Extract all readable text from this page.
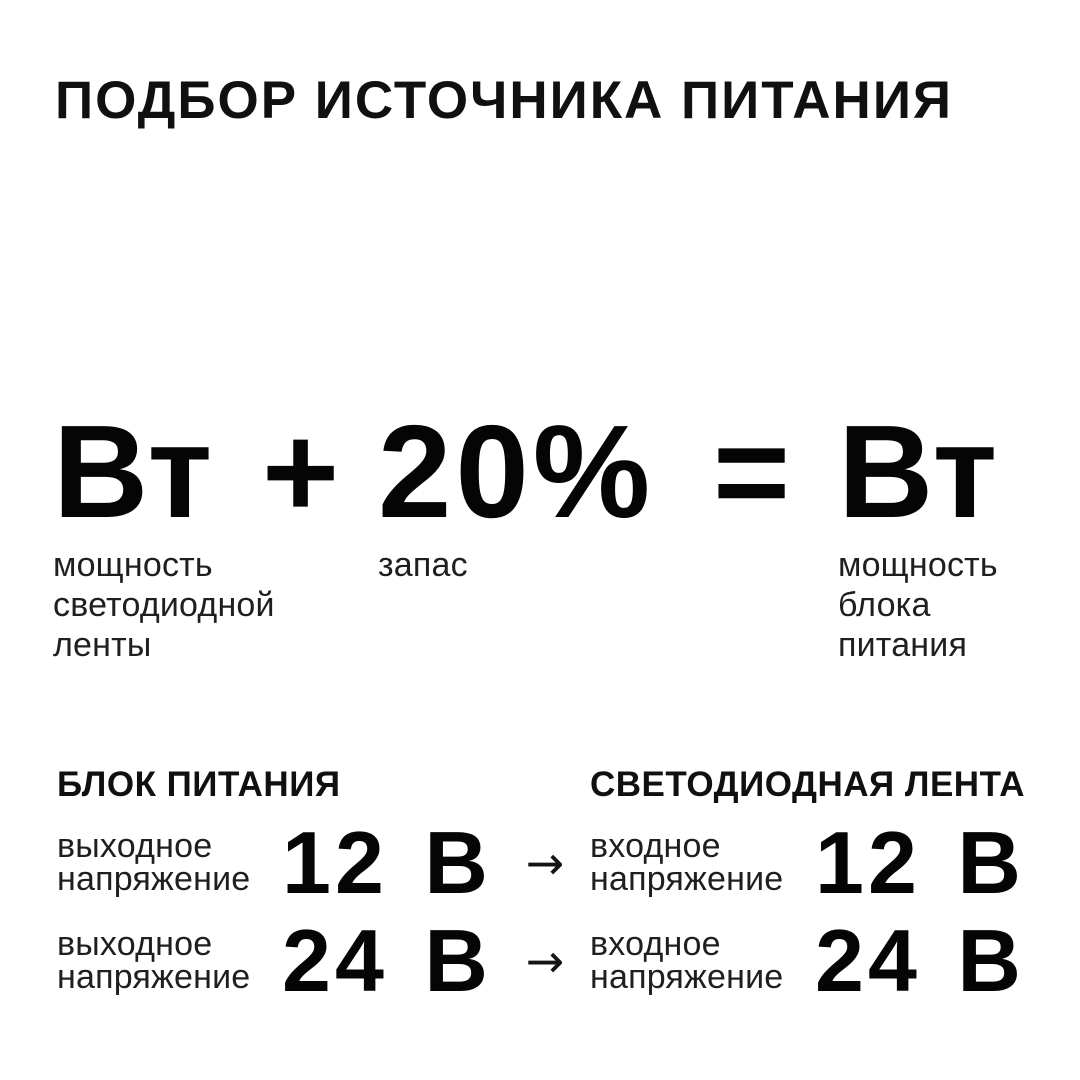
ПОДБОР ИСТОЧНИКА ПИТАНИЯ
Вт
мощность
светодиодной
ленты
+ 20%
запас
= Вт
мощность
блока
питания
БЛОК ПИТАНИЯ	СВЕТОДИОДНАЯ ЛЕНТА
выходное
напряжение 12 В
выходное
напряжение 24 В
→
→
входное
напряжение 12 В
входное
напряжение 24 В
